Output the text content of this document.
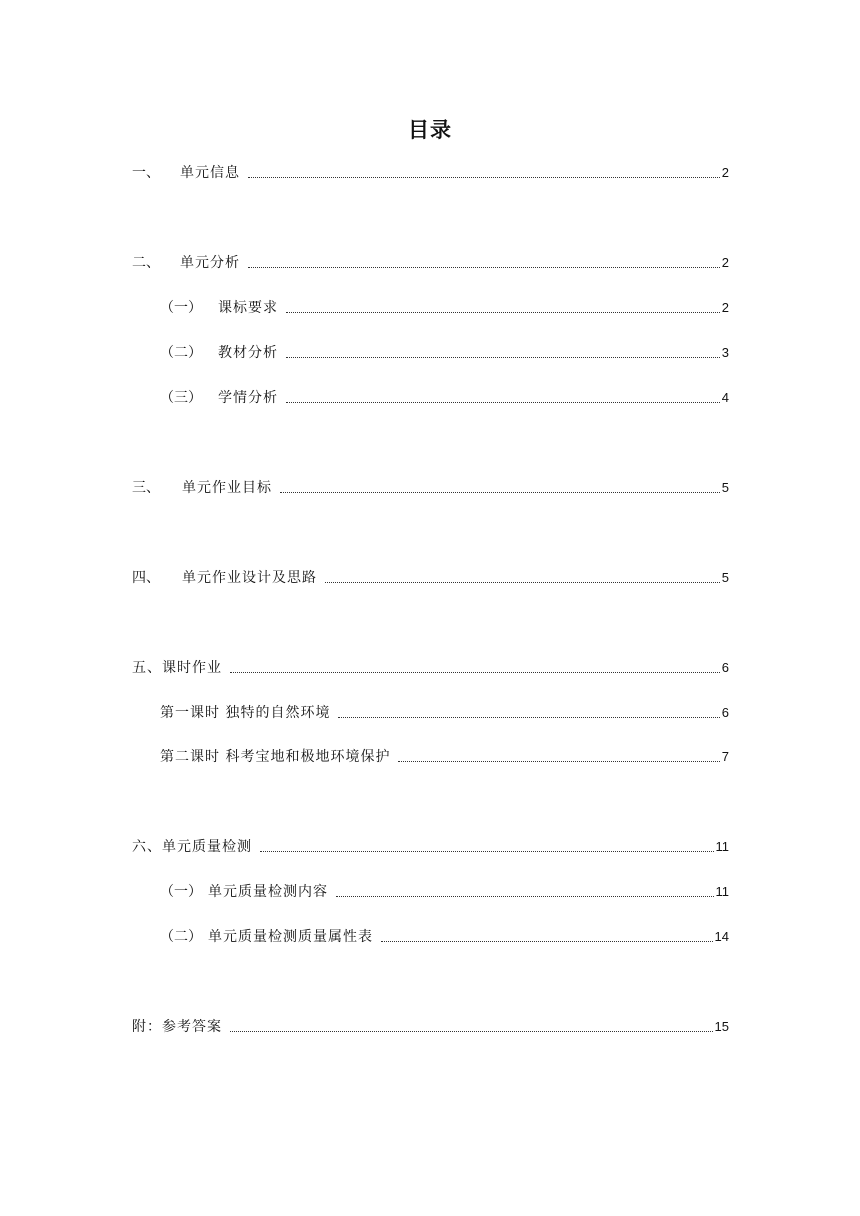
目录
一、	单元信息	2
二、	单元分析	2
（一）	课标要求	2
（二）	教材分析	3
（三）	学情分析	4
三、	单元作业目标	5
四、	单元作业设计及思路	5
五、课时作业	6
第一课时 独特的自然环境	6
第二课时 科考宝地和极地环境保护	7
六、单元质量检测	11
（一） 单元质量检测内容	11
（二） 单元质量检测质量属性表	14
附：参考答案	15
